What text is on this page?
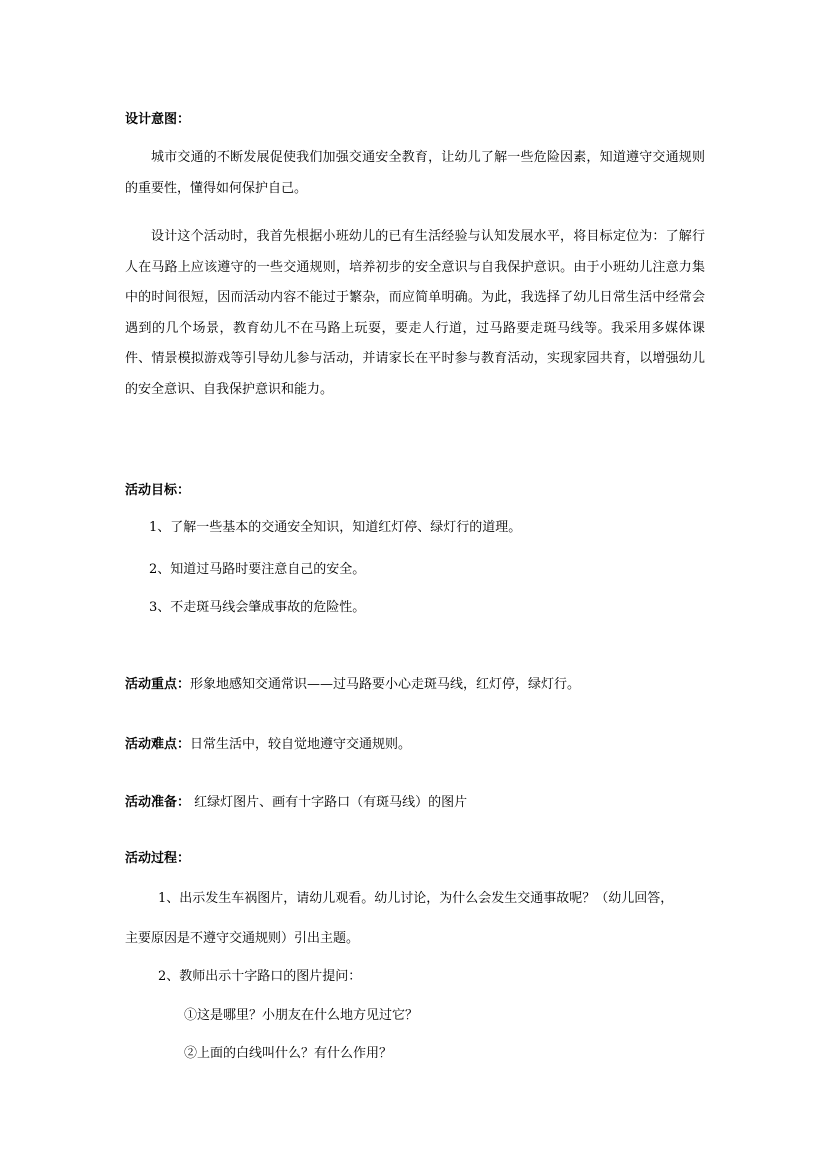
设计意图：

城市交通的不断发展促使我们加强交通安全教育，让幼儿了解一些危险因素，知道遵守交通规则的重要性，懂得如何保护自己。

设计这个活动时，我首先根据小班幼儿的已有生活经验与认知发展水平，将目标定位为：了解行人在马路上应该遵守的一些交通规则，培养初步的安全意识与自我保护意识。由于小班幼儿注意力集中的时间很短，因而活动内容不能过于繁杂，而应简单明确。为此，我选择了幼儿日常生活中经常会遇到的几个场景，教育幼儿不在马路上玩耍，要走人行道，过马路要走斑马线等。我采用多媒体课件、情景模拟游戏等引导幼儿参与活动，并请家长在平时参与教育活动，实现家园共育，以增强幼儿的安全意识、自我保护意识和能力。

活动目标：
1、了解一些基本的交通安全知识，知道红灯停、绿灯行的道理。
2、知道过马路时要注意自己的安全。
3、不走斑马线会肇成事故的危险性。
活动重点：形象地感知交通常识——过马路要小心走斑马线，红灯停，绿灯行。
活动难点：日常生活中，较自觉地遵守交通规则。
活动准备： 红绿灯图片、画有十字路口（有斑马线）的图片
活动过程：
1、出示发生车祸图片，请幼儿观看。幼儿讨论，为什么会发生交通事故呢？（幼儿回答，
主要原因是不遵守交通规则）引出主题。
2、教师出示十字路口的图片提问：
①这是哪里？小朋友在什么地方见过它？
②上面的白线叫什么？有什么作用？
